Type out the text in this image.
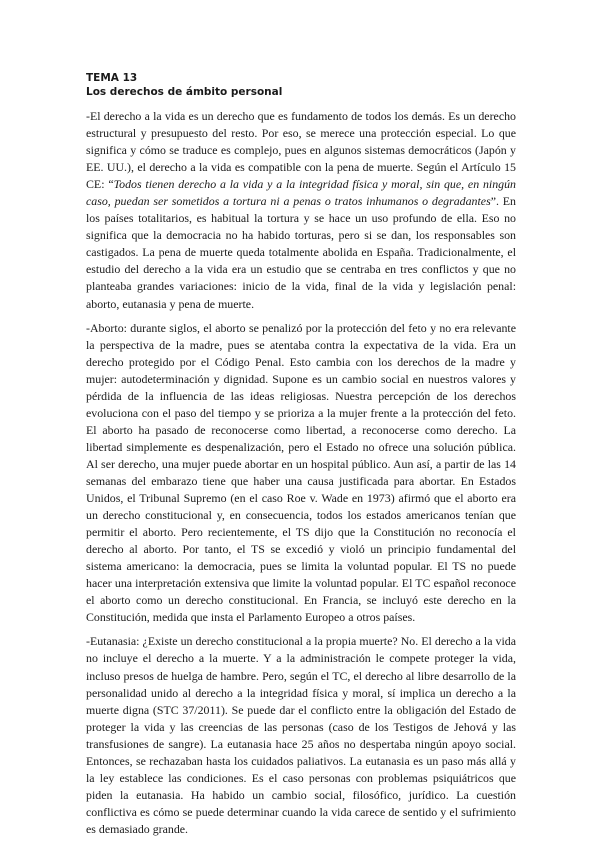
TEMA 13

Los derechos de ámbito personal

-El derecho a la vida es un derecho que es fundamento de todos los demás. Es un derecho estructural y presupuesto del resto. Por eso, se merece una protección especial. Lo que significa y cómo se traduce es complejo, pues en algunos sistemas democráticos (Japón y EE. UU.), el derecho a la vida es compatible con la pena de muerte. Según el Artículo 15 CE: “Todos tienen derecho a la vida y a la integridad física y moral, sin que, en ningún caso, puedan ser sometidos a tortura ni a penas o tratos inhumanos o degradantes”. En los países totalitarios, es habitual la tortura y se hace un uso profundo de ella. Eso no significa que la democracia no ha habido torturas, pero si se dan, los responsables son castigados. La pena de muerte queda totalmente abolida en España. Tradicionalmente, el estudio del derecho a la vida era un estudio que se centraba en tres conflictos y que no planteaba grandes variaciones: inicio de la vida, final de la vida y legislación penal: aborto, eutanasia y pena de muerte.

-Aborto: durante siglos, el aborto se penalizó por la protección del feto y no era relevante la perspectiva de la madre, pues se atentaba contra la expectativa de la vida. Era un derecho protegido por el Código Penal. Esto cambia con los derechos de la madre y mujer: autodeterminación y dignidad. Supone es un cambio social en nuestros valores y pérdida de la influencia de las ideas religiosas. Nuestra percepción de los derechos evoluciona con el paso del tiempo y se prioriza a la mujer frente a la protección del feto. El aborto ha pasado de reconocerse como libertad, a reconocerse como derecho. La libertad simplemente es despenalización, pero el Estado no ofrece una solución pública. Al ser derecho, una mujer puede abortar en un hospital público. Aun así, a partir de las 14 semanas del embarazo tiene que haber una causa justificada para abortar. En Estados Unidos, el Tribunal Supremo (en el caso Roe v. Wade en 1973) afirmó que el aborto era un derecho constitucional y, en consecuencia, todos los estados americanos tenían que permitir el aborto. Pero recientemente, el TS dijo que la Constitución no reconocía el derecho al aborto. Por tanto, el TS se excedió y violó un principio fundamental del sistema americano: la democracia, pues se limita la voluntad popular. El TS no puede hacer una interpretación extensiva que limite la voluntad popular. El TC español reconoce el aborto como un derecho constitucional. En Francia, se incluyó este derecho en la Constitución, medida que insta el Parlamento Europeo a otros países.

-Eutanasia: ¿Existe un derecho constitucional a la propia muerte? No. El derecho a la vida no incluye el derecho a la muerte. Y a la administración le compete proteger la vida, incluso presos de huelga de hambre. Pero, según el TC, el derecho al libre desarrollo de la personalidad unido al derecho a la integridad física y moral, sí implica un derecho a la muerte digna (STC 37/2011). Se puede dar el conflicto entre la obligación del Estado de proteger la vida y las creencias de las personas (caso de los Testigos de Jehová y las transfusiones de sangre). La eutanasia hace 25 años no despertaba ningún apoyo social. Entonces, se rechazaban hasta los cuidados paliativos. La eutanasia es un paso más allá y la ley establece las condiciones. Es el caso personas con problemas psiquiátricos que piden la eutanasia. Ha habido un cambio social, filosófico, jurídico. La cuestión conflictiva es cómo se puede determinar cuando la vida carece de sentido y el sufrimiento es demasiado grande.
